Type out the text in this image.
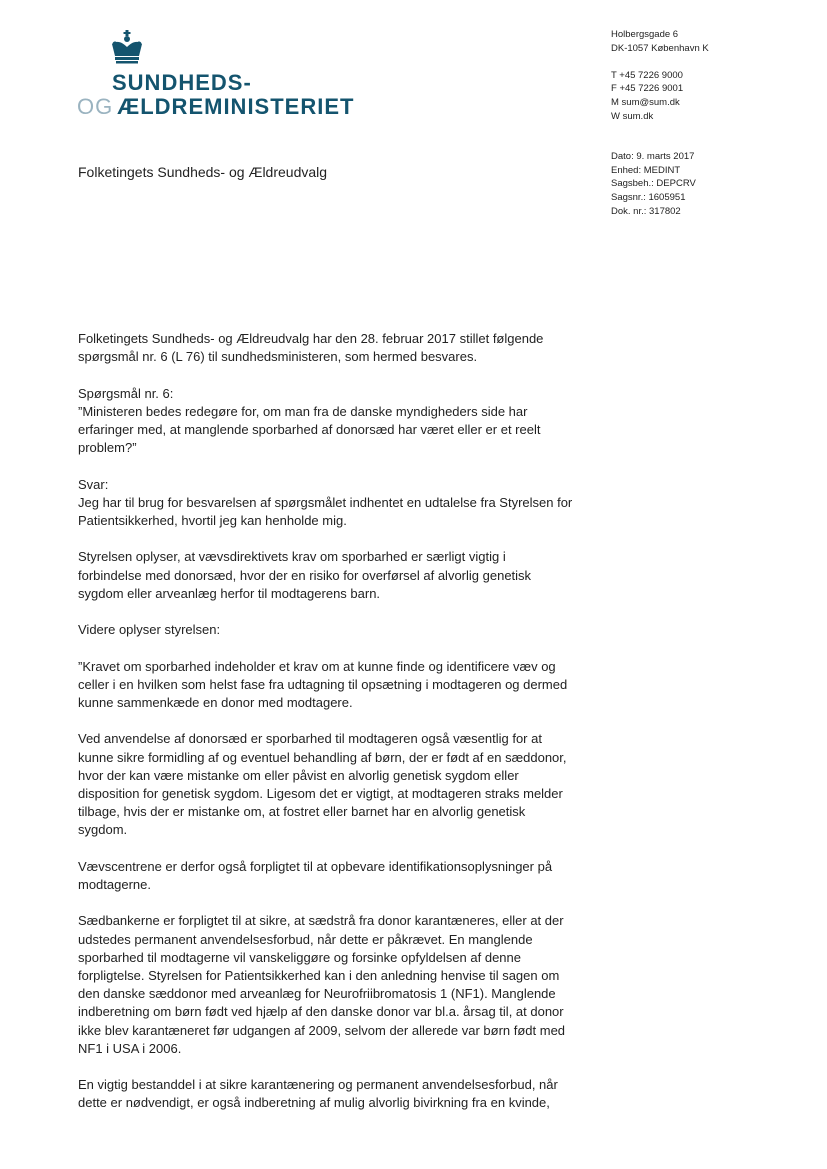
SUNDHEDS-
OG ÆLDREMINISTERIET
Holbergsgade 6
DK-1057 København K
T +45 7226 9000
F +45 7226 9001
M sum@sum.dk
W sum.dk
Dato: 9. marts 2017
Enhed: MEDINT
Sagsbeh.: DEPCRV
Sagsnr.: 1605951
Dok. nr.: 317802
Folketingets Sundheds- og Ældreudvalg

Folketingets Sundheds- og Ældreudvalg har den 28. februar 2017 stillet følgende
spørgsmål nr. 6 (L 76) til sundhedsministeren, som hermed besvares.

Spørgsmål nr. 6:
”Ministeren bedes redegøre for, om man fra de danske myndigheders side har
erfaringer med, at manglende sporbarhed af donorsæd har været eller er et reelt
problem?”

Svar:
Jeg har til brug for besvarelsen af spørgsmålet indhentet en udtalelse fra Styrelsen for
Patientsikkerhed, hvortil jeg kan henholde mig.

Styrelsen oplyser, at vævsdirektivets krav om sporbarhed er særligt vigtig i
forbindelse med donorsæd, hvor der en risiko for overførsel af alvorlig genetisk
sygdom eller arveanlæg herfor til modtagerens barn.

Videre oplyser styrelsen:

”Kravet om sporbarhed indeholder et krav om at kunne finde og identificere væv og
celler i en hvilken som helst fase fra udtagning til opsætning i modtageren og dermed
kunne sammenkæde en donor med modtagere.

Ved anvendelse af donorsæd er sporbarhed til modtageren også væsentlig for at
kunne sikre formidling af og eventuel behandling af børn, der er født af en sæddonor,
hvor der kan være mistanke om eller påvist en alvorlig genetisk sygdom eller
disposition for genetisk sygdom. Ligesom det er vigtigt, at modtageren straks melder
tilbage, hvis der er mistanke om, at fostret eller barnet har en alvorlig genetisk
sygdom.

Vævscentrene er derfor også forpligtet til at opbevare identifikationsoplysninger på
modtagerne.

Sædbankerne er forpligtet til at sikre, at sædstrå fra donor karantæneres, eller at der
udstedes permanent anvendelsesforbud, når dette er påkrævet. En manglende
sporbarhed til modtagerne vil vanskeliggøre og forsinke opfyldelsen af denne
forpligtelse. Styrelsen for Patientsikkerhed kan i den anledning henvise til sagen om
den danske sæddonor med arveanlæg for Neurofriibromatosis 1 (NF1). Manglende
indberetning om børn født ved hjælp af den danske donor var bl.a. årsag til, at donor
ikke blev karantæneret før udgangen af 2009, selvom der allerede var børn født med
NF1 i USA i 2006.

En vigtig bestanddel i at sikre karantænering og permanent anvendelsesforbud, når
dette er nødvendigt, er også indberetning af mulig alvorlig bivirkning fra en kvinde,
